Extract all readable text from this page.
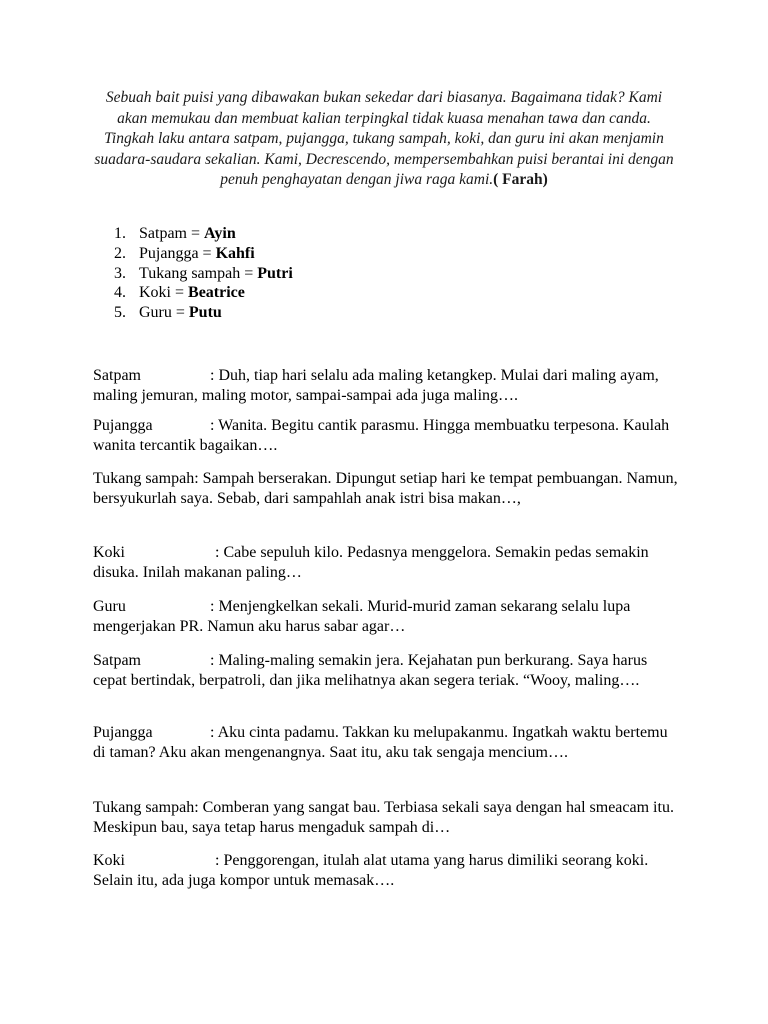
Sebuah bait puisi yang dibawakan bukan sekedar dari biasanya. Bagaimana tidak? Kami akan memukau dan membuat kalian terpingkal tidak kuasa menahan tawa dan canda. Tingkah laku antara satpam, pujangga, tukang sampah, koki, dan guru ini akan menjamin suadara-saudara sekalian. Kami, Decrescendo, mempersembahkan puisi berantai ini dengan penuh penghayatan dengan jiwa raga kami.( Farah)
1. Satpam = Ayin
2. Pujangga = Kahfi
3. Tukang sampah = Putri
4. Koki = Beatrice
5. Guru = Putu

Satpam	: Duh, tiap hari selalu ada maling ketangkep. Mulai dari maling ayam, maling jemuran, maling motor, sampai-sampai ada juga maling….

Pujangga	: Wanita. Begitu cantik parasmu. Hingga membuatku terpesona. Kaulah wanita tercantik bagaikan….

Tukang sampah: Sampah berserakan. Dipungut setiap hari ke tempat pembuangan. Namun, bersyukurlah saya. Sebab, dari sampahlah anak istri bisa makan…,

Koki	: Cabe sepuluh kilo. Pedasnya menggelora. Semakin pedas semakin disuka. Inilah makanan paling…

Guru	: Menjengkelkan sekali. Murid-murid zaman sekarang selalu lupa mengerjakan PR. Namun aku harus sabar agar…

Satpam	: Maling-maling semakin jera. Kejahatan pun berkurang. Saya harus cepat bertindak, berpatroli, dan jika melihatnya akan segera teriak. “Wooy, maling….

Pujangga	: Aku cinta padamu. Takkan ku melupakanmu. Ingatkah waktu bertemu di taman? Aku akan mengenangnya. Saat itu, aku tak sengaja mencium….

Tukang sampah: Comberan yang sangat bau. Terbiasa sekali saya dengan hal smeacam itu. Meskipun bau, saya tetap harus mengaduk sampah di…

Koki	: Penggorengan, itulah alat utama yang harus dimiliki seorang koki. Selain itu, ada juga kompor untuk memasak….
